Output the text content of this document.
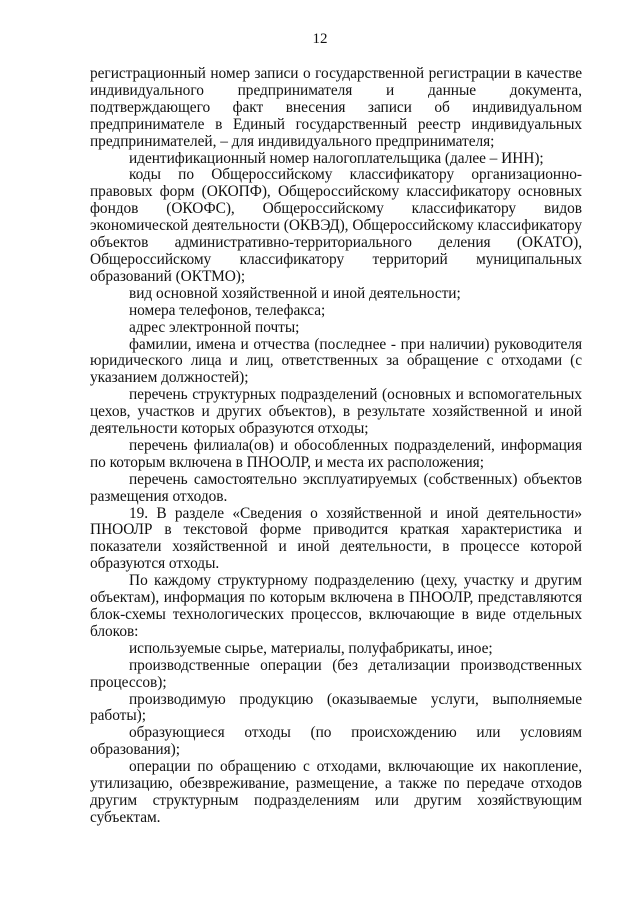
12

регистрационный номер записи о государственной регистрации в качестве индивидуального предпринимателя и данные документа, подтверждающего факт внесения записи об индивидуальном предпринимателе в Единый государственный реестр индивидуальных предпринимателей, – для индивидуального предпринимателя;

идентификационный номер налогоплательщика (далее – ИНН);

коды по Общероссийскому классификатору организационно-правовых форм (ОКОПФ), Общероссийскому классификатору основных фондов (ОКОФС), Общероссийскому классификатору видов экономической деятельности (ОКВЭД), Общероссийскому классификатору объектов административно-территориального деления (ОКАТО), Общероссийскому классификатору территорий муниципальных образований (ОКТМО);

вид основной хозяйственной и иной деятельности;

номера телефонов, телефакса;

адрес электронной почты;

фамилии, имена и отчества (последнее - при наличии) руководителя юридического лица и лиц, ответственных за обращение с отходами (с указанием должностей);

перечень структурных подразделений (основных и вспомогательных цехов, участков и других объектов), в результате хозяйственной и иной деятельности которых образуются отходы;

перечень филиала(ов) и обособленных подразделений, информация по которым включена в ПНООЛР, и места их расположения;

перечень самостоятельно эксплуатируемых (собственных) объектов размещения отходов.

19. В разделе «Сведения о хозяйственной и иной деятельности» ПНООЛР в текстовой форме приводится краткая характеристика и показатели хозяйственной и иной деятельности, в процессе которой образуются отходы.

По каждому структурному подразделению (цеху, участку и другим объектам), информация по которым включена в ПНООЛР, представляются блок-схемы технологических процессов, включающие в виде отдельных блоков:

используемые сырье, материалы, полуфабрикаты, иное;

производственные операции (без детализации производственных процессов);

производимую продукцию (оказываемые услуги, выполняемые работы);

образующиеся отходы (по происхождению или условиям образования);

операции по обращению с отходами, включающие их накопление, утилизацию, обезвреживание, размещение, а также по передаче отходов другим структурным подразделениям или другим хозяйствующим субъектам.
